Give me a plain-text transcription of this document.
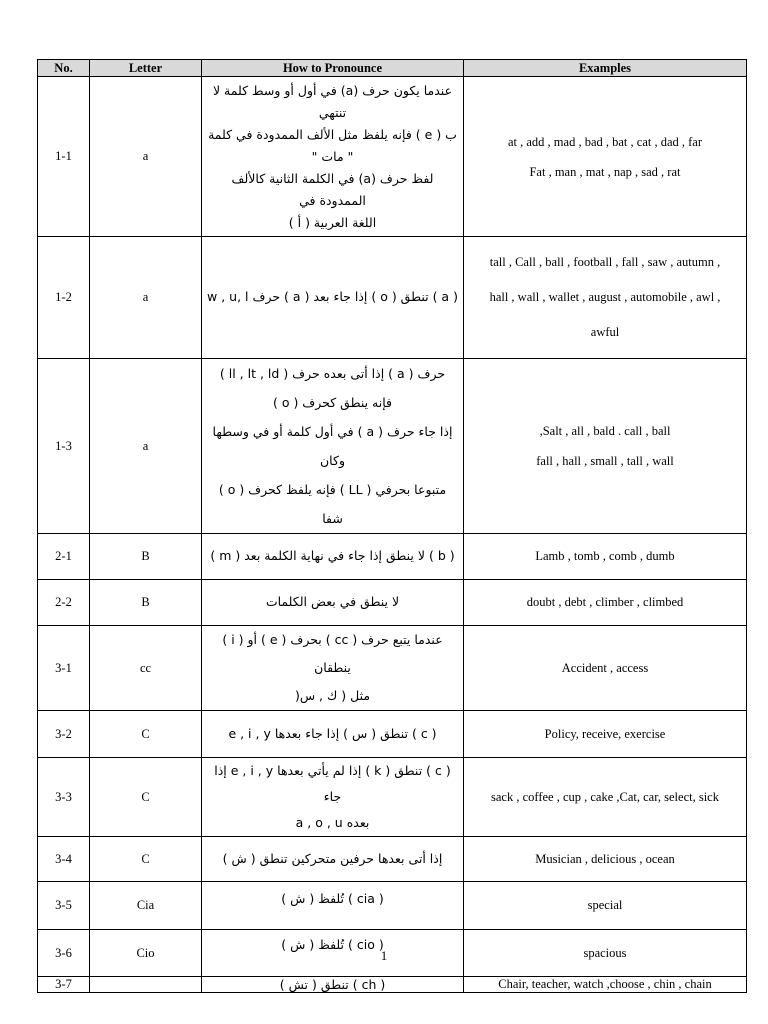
No.	Letter	How to Pronounce	Examples
1-1	a	عندما يكون حرف (a) في أول أو وسط كلمة لا تنتهي
ب ( e ) فإنه يلفظ مثل الألف الممدودة في كلمة " مات "
لفظ حرف (a) في الكلمة الثانية كالألف الممدودة في
اللغة العربية ( أ )	at , add , mad , bad , bat , cat , dad , far
Fat , man , mat , nap , sad , rat

1-2	a	( a ) تنطق ( o ) إذا جاء بعد ( a ) حرف w , u, l	tall , Call , ball , football , fall , saw , autumn ,
hall , wall , wallet , august , automobile , awl ,
awful

1-3	a	حرف ( a ) إذا أتى بعده حرف ( ll , lt , ld )
فإنه ينطق كحرف ( o )
إذا جاء حرف ( a ) في أول كلمة أو في وسطها وكان
متبوعا بحرفي ( LL ) فإنه يلفظ كحرف ( o ) شفا	,Salt , all , bald . call , ball
fall , hall , small , tall , wall

2-1	B	( b ) لا ينطق إذا جاء في نهاية الكلمة بعد ( m )	Lamb , tomb , comb , dumb

2-2	B	لا ينطق في بعض الكلمات	doubt , debt , climber , climbed

3-1	cc	عندما يتبع حرف ( cc ) بحرف ( e ) أو ( i ) ينطقان
مثل ( ك , س(	Accident , access

3-2	C	( c ) تنطق ( س ) إذا جاء بعدها e , i , y	Policy, receive, exercise

3-3	C	( c ) تنطق ( k ) إذا لم يأتي بعدها e , i , y إذا جاء
بعده a , o , u	sack , coffee , cup , cake ,Cat, car, select, sick

3-4	C	إذا أتى بعدها حرفين متحركين تنطق ( ش )	Musician , delicious , ocean

3-5	Cia	( cia ) تُلفظ ( ش )	special

3-6	Cio	( cio ) تُلفظ ( ش )	spacious

3-7		( ch ) تنطق ( تش )	Chair, teacher, watch ,choose , chin , chain
1
